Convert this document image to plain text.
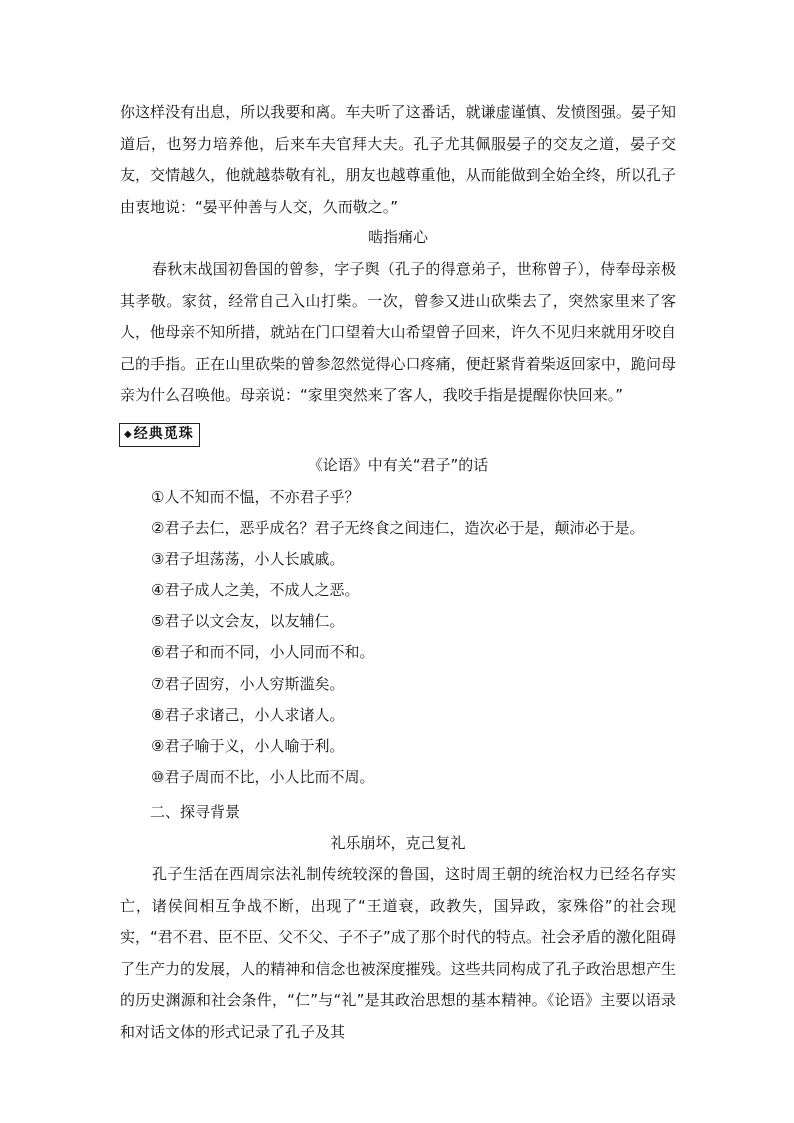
你这样没有出息，所以我要和离。车夫听了这番话，就谦虚谨慎、发愤图强。晏子知道后，也努力培养他，后来车夫官拜大夫。孔子尤其佩服晏子的交友之道，晏子交友，交情越久，他就越恭敬有礼，朋友也越尊重他，从而能做到全始全终，所以孔子由衷地说：“晏平仲善与人交，久而敬之。”

啮指痛心

春秋末战国初鲁国的曾参，字子舆（孔子的得意弟子，世称曾子），侍奉母亲极其孝敬。家贫，经常自己入山打柴。一次，曾参又进山砍柴去了，突然家里来了客人，他母亲不知所措，就站在门口望着大山希望曾子回来，许久不见归来就用牙咬自己的手指。正在山里砍柴的曾参忽然觉得心口疼痛，便赶紧背着柴返回家中，跪问母亲为什么召唤他。母亲说：“家里突然来了客人，我咬手指是提醒你快回来。”

◆经典觅珠

《论语》中有关“君子”的话

①人不知而不愠，不亦君子乎？
②君子去仁，恶乎成名？君子无终食之间违仁，造次必于是，颠沛必于是。
③君子坦荡荡，小人长戚戚。
④君子成人之美，不成人之恶。
⑤君子以文会友，以友辅仁。
⑥君子和而不同，小人同而不和。
⑦君子固穷，小人穷斯滥矣。
⑧君子求诸己，小人求诸人。
⑨君子喻于义，小人喻于利。
⑩君子周而不比，小人比而不周。

二、探寻背景

礼乐崩坏，克己复礼

孔子生活在西周宗法礼制传统较深的鲁国，这时周王朝的统治权力已经名存实亡，诸侯间相互争战不断，出现了“王道衰，政教失，国异政，家殊俗”的社会现实，“君不君、臣不臣、父不父、子不子”成了那个时代的特点。社会矛盾的激化阻碍了生产力的发展，人的精神和信念也被深度摧残。这些共同构成了孔子政治思想产生的历史渊源和社会条件，“仁”与“礼”是其政治思想的基本精神。《论语》主要以语录和对话文体的形式记录了孔子及其
